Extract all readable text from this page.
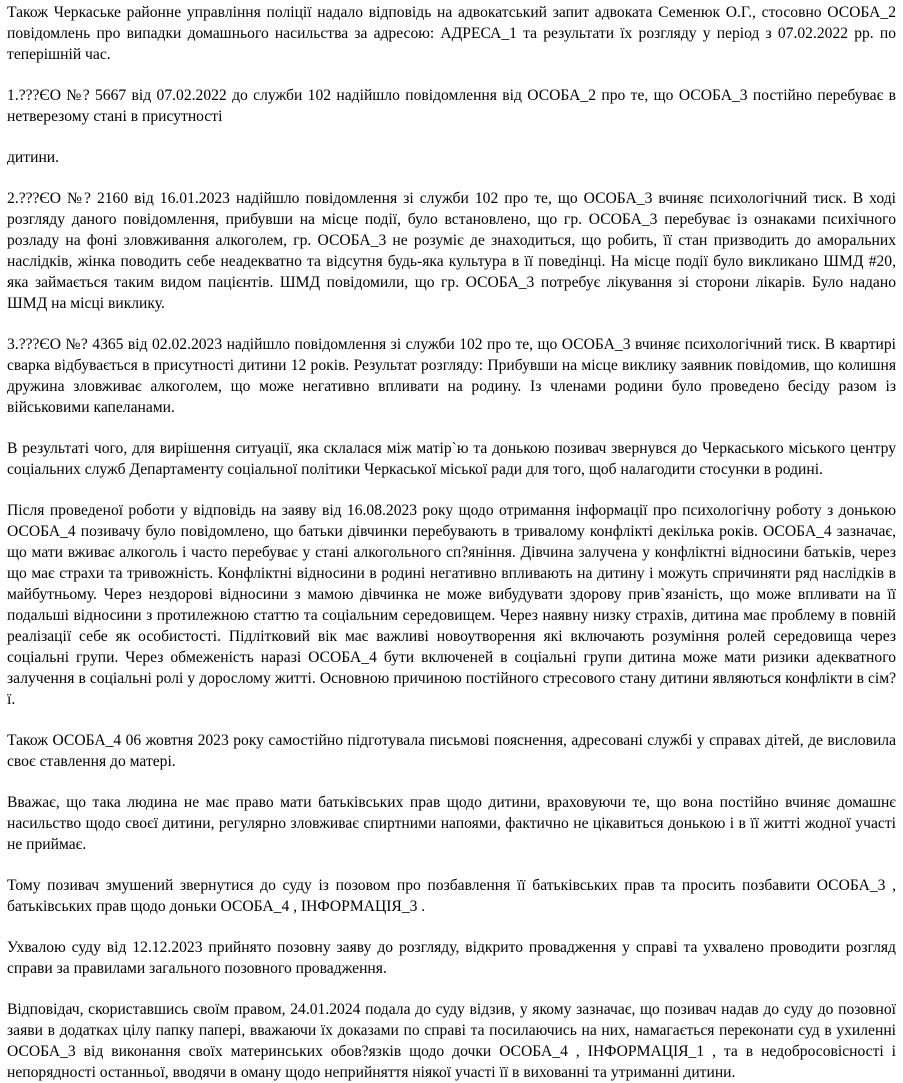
Також Черкаське районне управління поліції надало відповідь на адвокатський запит адвоката Семенюк О.Г., стосовно ОСОБА_2 повідомлень про випадки домашнього насильства за адресою: АДРЕСА_1 та результати їх розгляду у період з 07.02.2022 рр. по теперішній час.

1.???ЄО №? 5667 від 07.02.2022 до служби 102 надійшло повідомлення від ОСОБА_2 про те, що ОСОБА_3 постійно перебуває в нетверезому стані в присутності

дитини.

2.???ЄО №? 2160 від 16.01.2023 надійшло повідомлення зі служби 102 про те, що ОСОБА_3 вчиняє психологічний тиск. В ході розгляду даного повідомлення, прибувши на місце події, було встановлено, що гр. ОСОБА_3 перебуває із ознаками психічного розладу на фоні зловживання алкоголем, гр. ОСОБА_3 не розуміє де знаходиться, що робить, її стан призводить до аморальних наслідків, жінка поводить себе неадекватно та відсутня будь-яка культура в її поведінці. На місце події було викликано ШМД #20, яка займається таким видом пацієнтів. ШМД повідомили, що гр. ОСОБА_3 потребує лікування зі сторони лікарів. Було надано ШМД на місці виклику.

3.???ЄО №? 4365 від 02.02.2023 надійшло повідомлення зі служби 102 про те, що ОСОБА_3 вчиняє психологічний тиск. В квартирі сварка відбувається в присутності дитини 12 років. Результат розгляду: Прибувши на місце виклику заявник повідомив, що колишня дружина зловживає алкоголем, що може негативно впливати на родину. Із членами родини було проведено бесіду разом із військовими капеланами.

В результаті чого, для вирішення ситуації, яка склалася між матір`ю та донькою позивач звернувся до Черкаського міського центру соціальних служб Департаменту соціальної політики Черкаської міської ради для того, щоб налагодити стосунки в родині.

Після проведеної роботи у відповідь на заяву від 16.08.2023 року щодо отримання інформації про психологічну роботу з донькою ОСОБА_4 позивачу було повідомлено, що батьки дівчинки перебувають в тривалому конфлікті декілька років. ОСОБА_4 зазначає, що мати вживає алкоголь і часто перебуває у стані алкогольного сп?яніння. Дівчина залучена у конфліктні відносини батьків, через що має страхи та тривожність. Конфліктні відносини в родині негативно впливають на дитину і можуть спричиняти ряд наслідків в майбутньому. Через нездорові відносини з мамою дівчинка не може вибудувати здорову прив`язаність, що може впливати на її подальші відносини з протилежною статтю та соціальним середовищем. Через наявну низку страхів, дитина має проблему в повній реалізації себе як особистості. Підлітковий вік має важливі новоутворення які включають розуміння ролей середовища через соціальні групи. Через обмеженість наразі ОСОБА_4 бути включеней в соціальні групи дитина може мати ризики адекватного залучення в соціальні ролі у дорослому житті. Основною причиною постійного стресового стану дитини являються конфлікти в сім?ї.

Також ОСОБА_4 06 жовтня 2023 року самостійно підготувала письмові пояснення, адресовані службі у справах дітей, де висловила своє ставлення до матері.

Вважає, що така людина не має право мати батьківських прав щодо дитини, враховуючи те, що вона постійно вчиняє домашнє насильство щодо своєї дитини, регулярно зловживає спиртними напоями, фактично не цікавиться донькою і в її житті жодної участі не приймає.

Тому позивач змушений звернутися до суду із позовом про позбавлення її батьківських прав та просить позбавити ОСОБА_3 , батьківських прав щодо доньки ОСОБА_4 , ІНФОРМАЦІЯ_3 .

Ухвалою суду від 12.12.2023 прийнято позовну заяву до розгляду, відкрито провадження у справі та ухвалено проводити розгляд справи за правилами загального позовного провадження.

Відповідач, скориставшись своїм правом, 24.01.2024 подала до суду відзив, у якому зазначає, що позивач надав до суду до позовної заяви в додатках цілу папку папері, вважаючи їх доказами по справі та посилаючись на них, намагається переконати суд в ухиленні ОСОБА_3 від виконання своїх материнських обов?язків щодо дочки ОСОБА_4 , ІНФОРМАЦІЯ_1 , та в недобросовісності і непорядності останньої, вводячи в оману щодо неприйняття ніякої участі її в вихованні та утриманні дитини.
